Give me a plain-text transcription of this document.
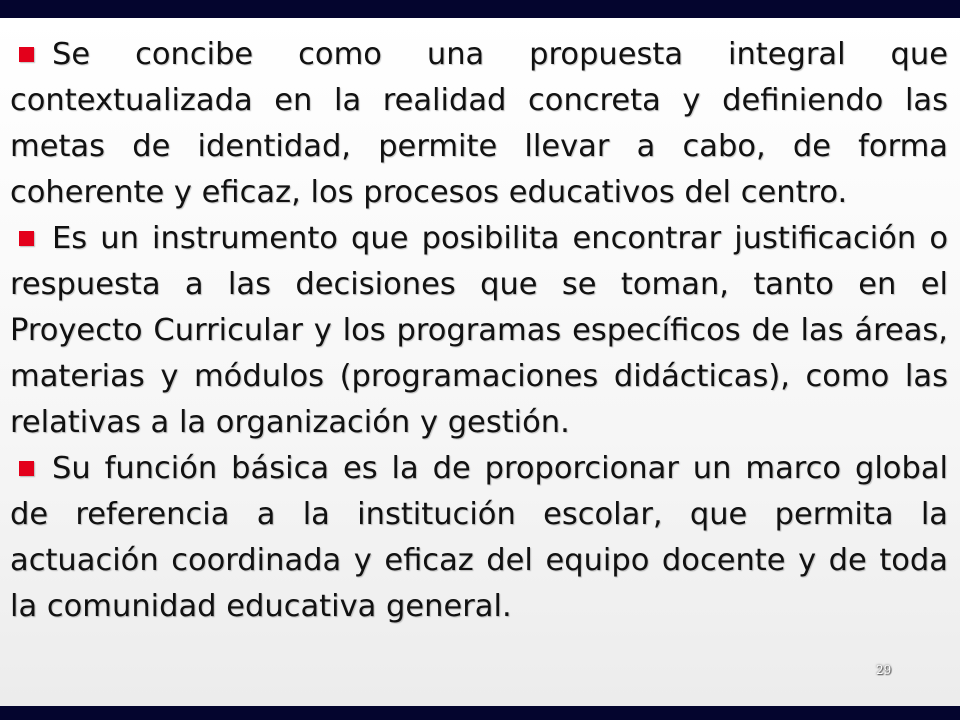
Se concibe como una propuesta integral que contextualizada en la realidad concreta y definiendo las metas de identidad, permite llevar a cabo, de forma coherente y eficaz, los procesos educativos del centro.

Es un instrumento que posibilita encontrar justificación o respuesta a las decisiones que se toman, tanto en el Proyecto Curricular y los programas específicos de las áreas, materias y módulos (programaciones didácticas), como las relativas a la organización y gestión.

Su función básica es la de proporcionar un marco global de referencia a la institución escolar, que permita la actuación coordinada y eficaz del equipo docente y de toda la comunidad educativa general.

29
